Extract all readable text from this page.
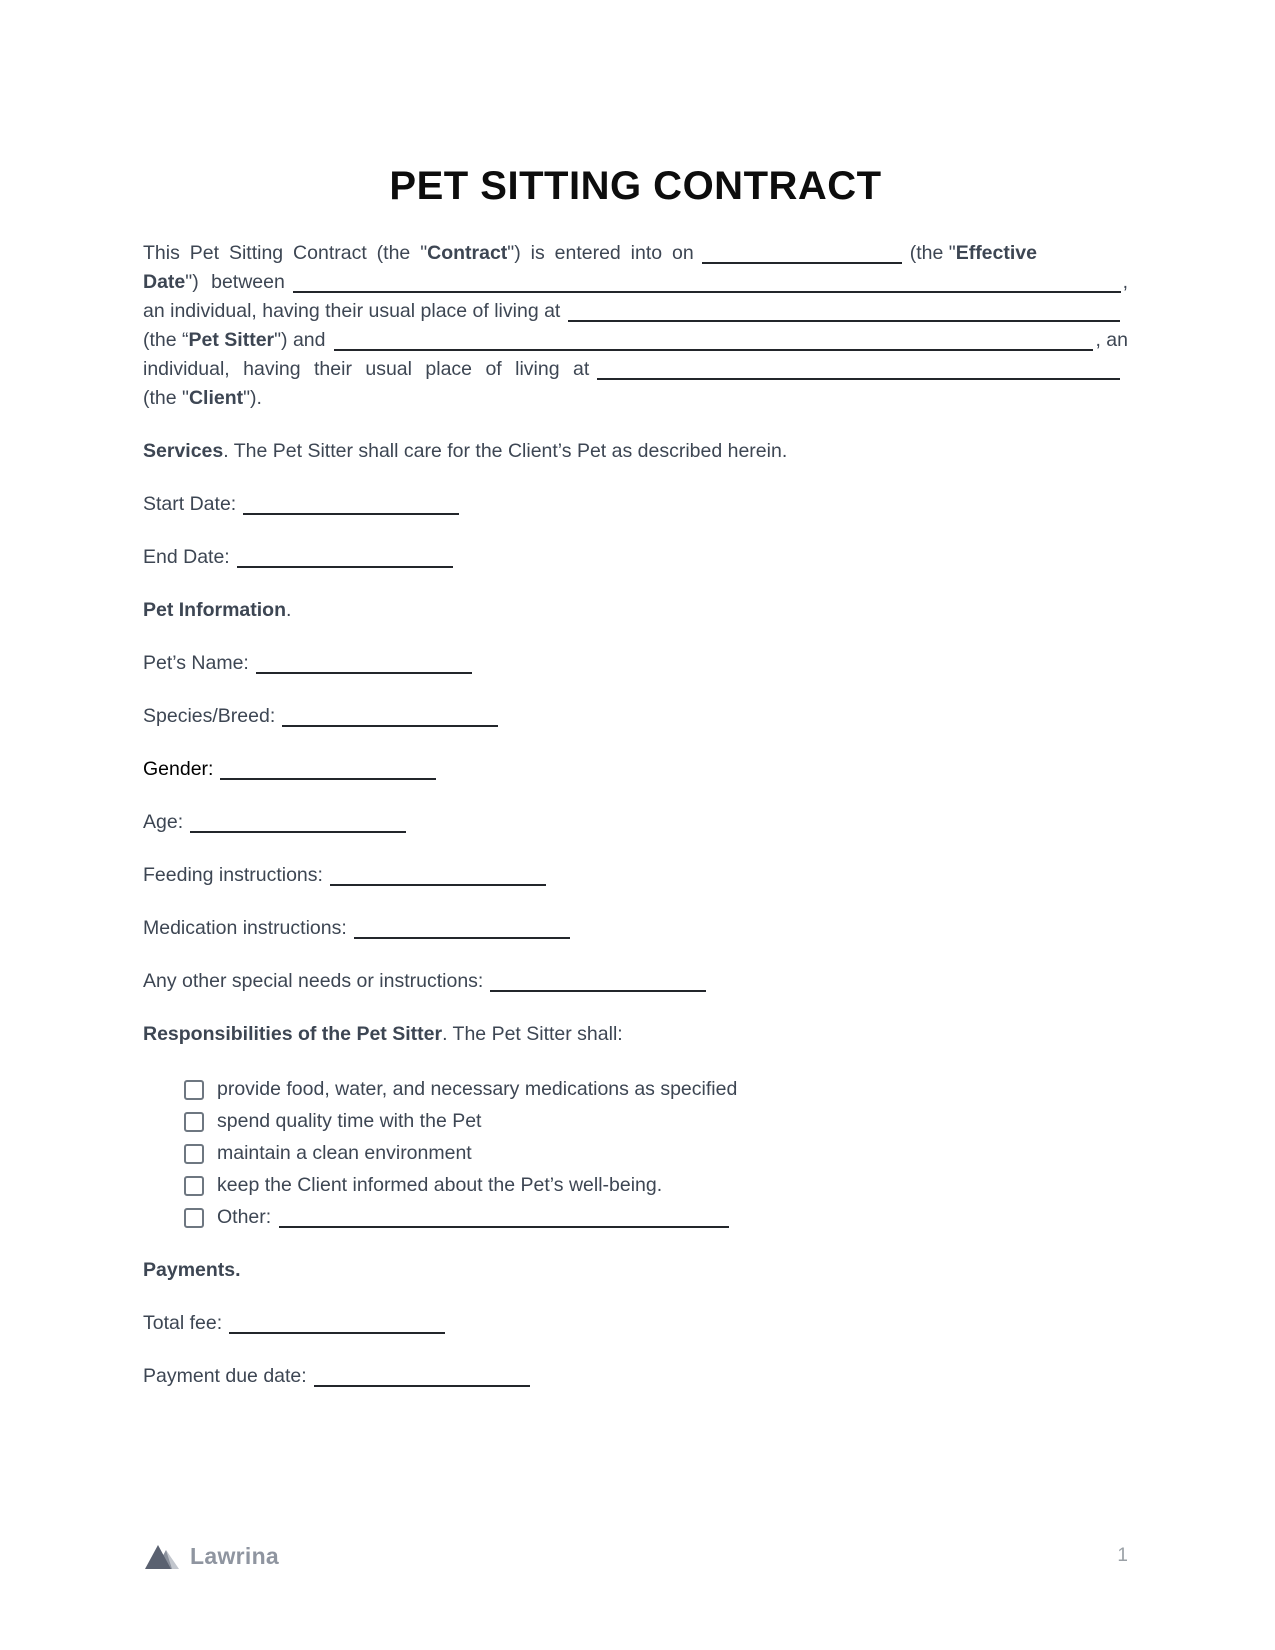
PET SITTING CONTRACT
This Pet Sitting Contract (the "Contract") is entered into on	(the "Effective
Date") between	,
an individual, having their usual place of living at
(the “Pet Sitter") and	, an
individual, having their usual place of living at
(the "Client").
Services. The Pet Sitter shall care for the Client’s Pet as described herein.
Start Date:
End Date:
Pet Information.
Pet’s Name:
Species/Breed:
Gender:
Age:
Feeding instructions:
Medication instructions:
Any other special needs or instructions:
Responsibilities of the Pet Sitter. The Pet Sitter shall:
provide food, water, and necessary medications as specified
spend quality time with the Pet
maintain a clean environment
keep the Client informed about the Pet’s well-being.
Other:
Payments.
Total fee:
Payment due date:
Lawrina	1
